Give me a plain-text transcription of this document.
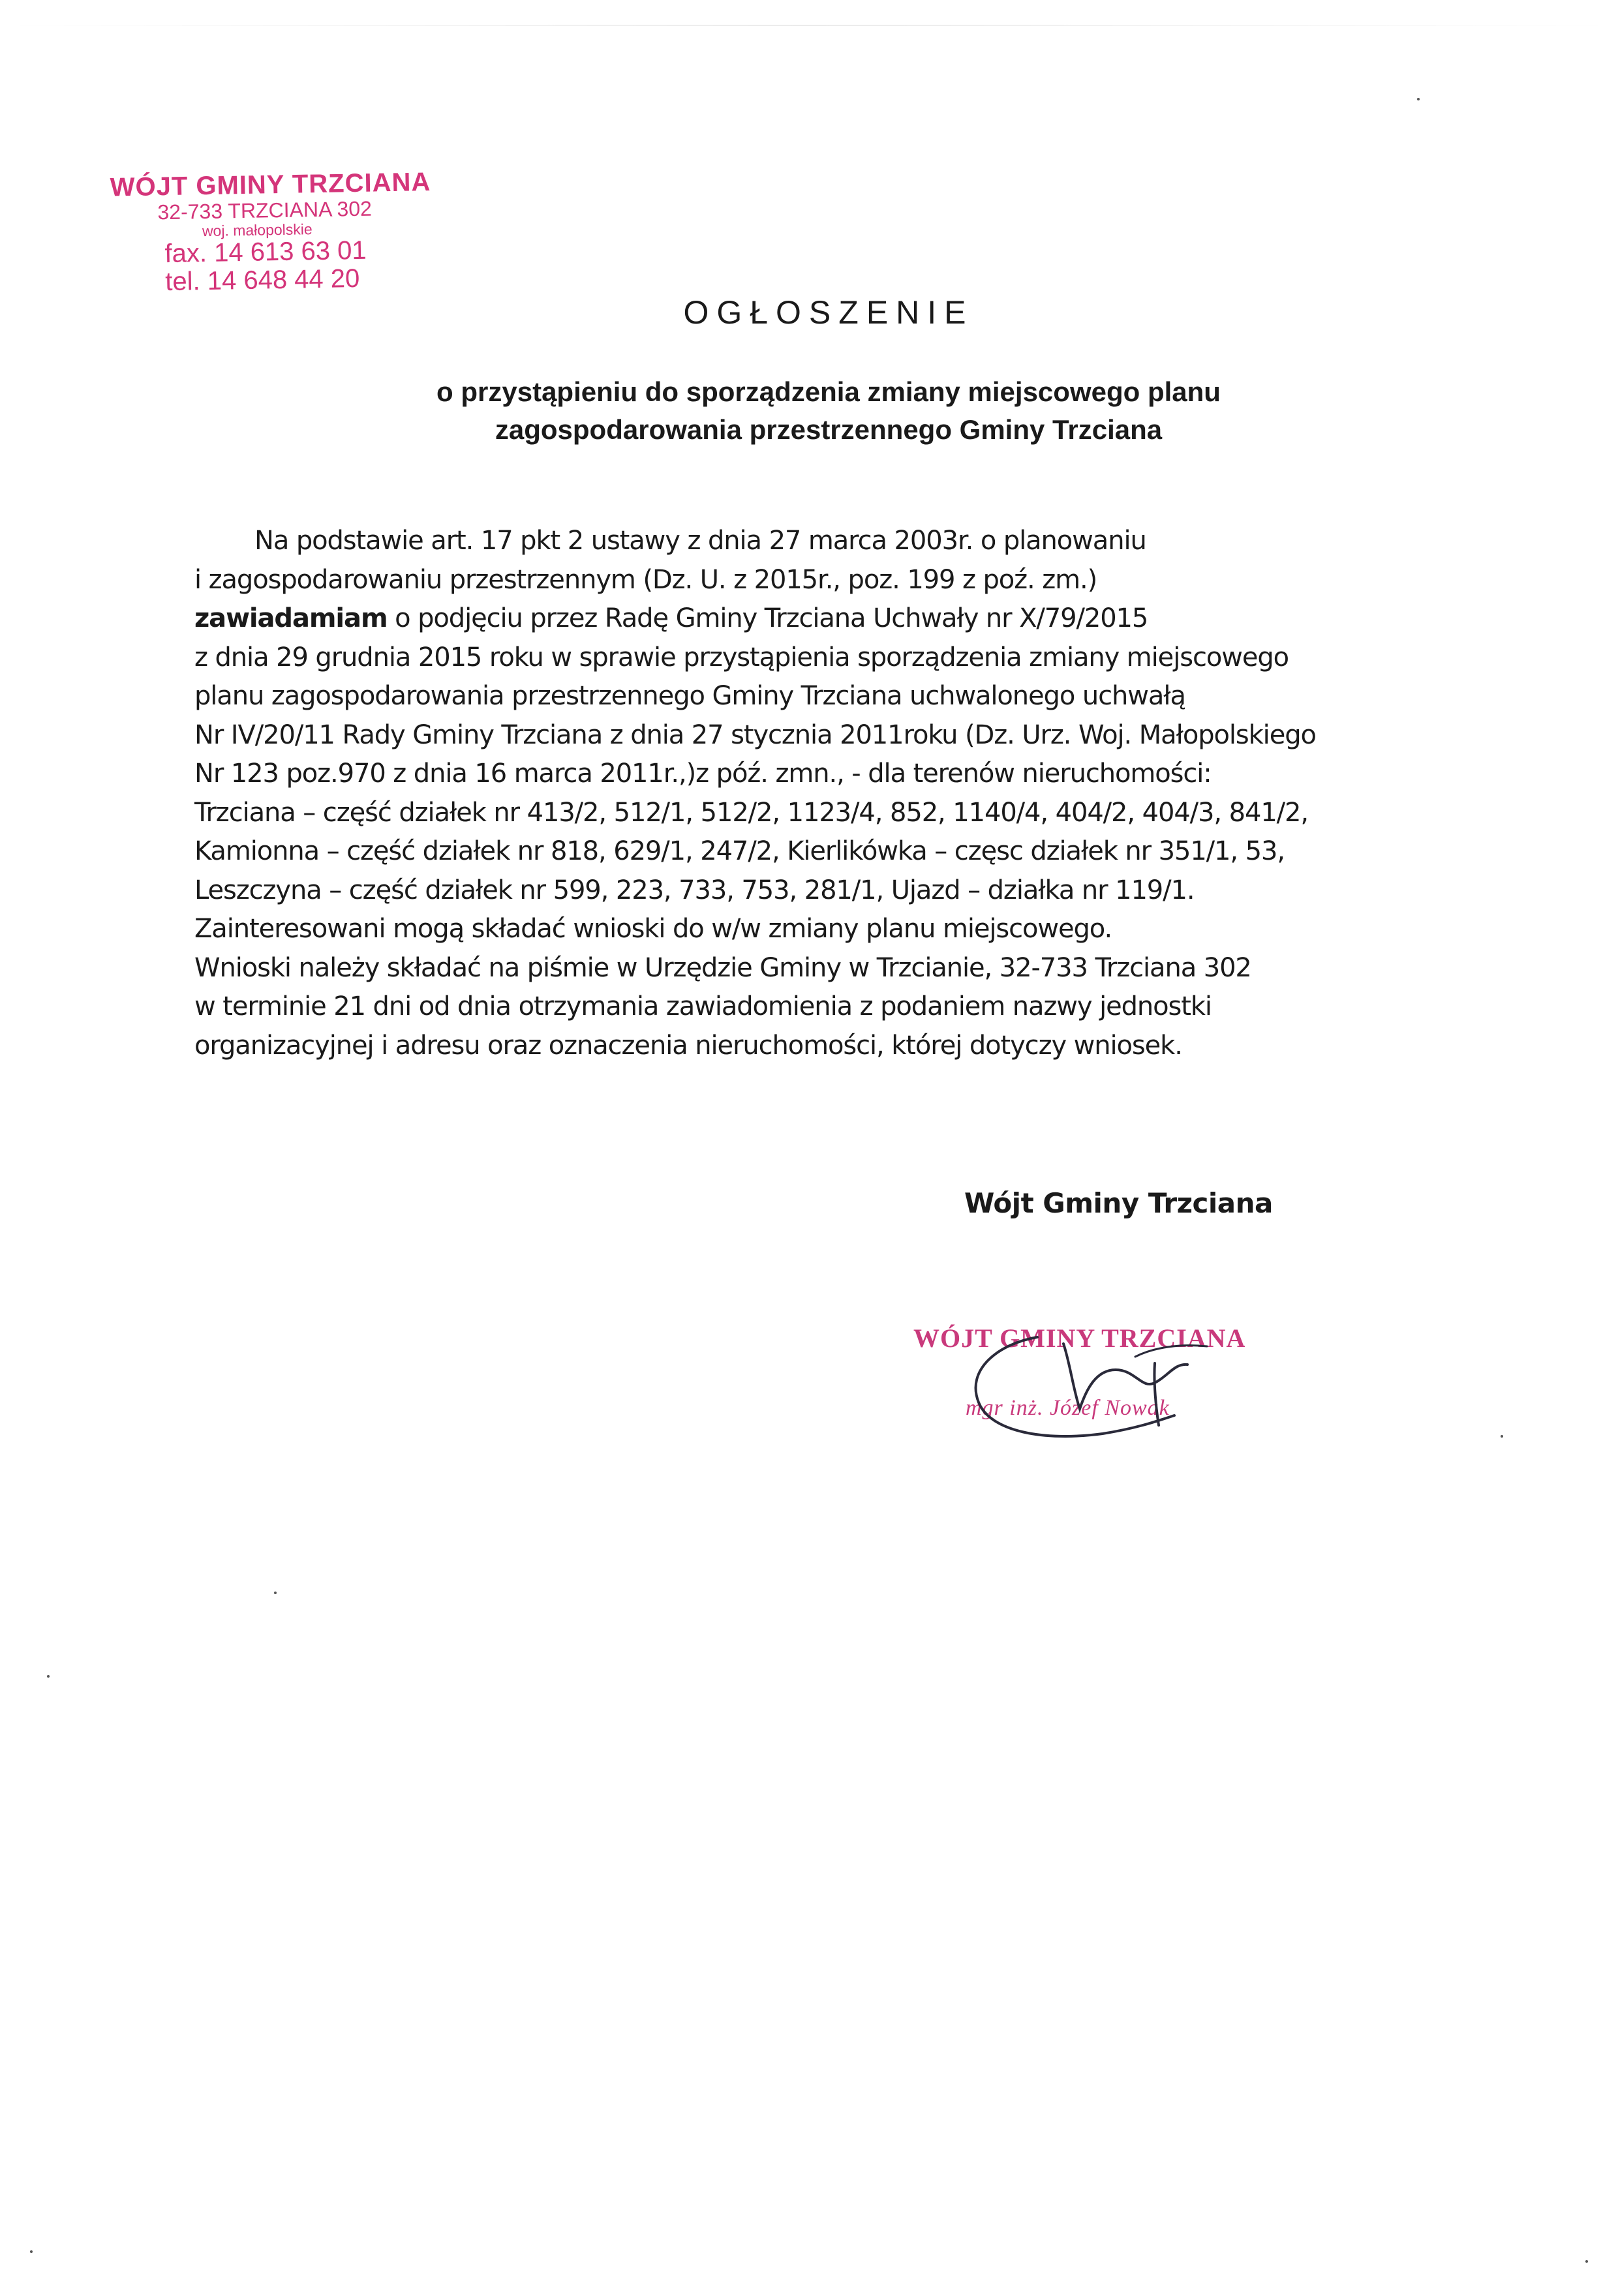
WÓJT GMINY TRZCIANA
32-733 TRZCIANA 302
woj. małopolskie
fax. 14 613 63 01
tel. 14 648 44 20
OGŁOSZENIE
o przystąpieniu do sporządzenia zmiany miejscowego planu
zagospodarowania przestrzennego Gminy Trzciana
Na podstawie art. 17 pkt 2 ustawy z dnia 27 marca 2003r. o planowaniu
i zagospodarowaniu przestrzennym (Dz. U. z 2015r., poz. 199 z poź. zm.)
zawiadamiam o podjęciu przez Radę Gminy Trzciana Uchwały nr X/79/2015
z dnia 29 grudnia 2015 roku w sprawie przystąpienia sporządzenia zmiany miejscowego
planu zagospodarowania przestrzennego Gminy Trzciana uchwalonego uchwałą
Nr IV/20/11 Rady Gminy Trzciana z dnia 27 stycznia 2011roku (Dz. Urz. Woj. Małopolskiego
Nr 123 poz.970 z dnia 16 marca 2011r.,)z póź. zmn., - dla terenów nieruchomości:
Trzciana – część działek nr 413/2, 512/1, 512/2, 1123/4, 852, 1140/4, 404/2, 404/3, 841/2,
Kamionna – część działek nr 818, 629/1, 247/2, Kierlikówka – częsc działek nr 351/1, 53,
Leszczyna – część działek nr 599, 223, 733, 753, 281/1, Ujazd – działka nr 119/1.
Zainteresowani mogą składać wnioski do w/w zmiany planu miejscowego.
Wnioski należy składać na piśmie w Urzędzie Gminy w Trzcianie, 32-733 Trzciana 302
w terminie 21 dni od dnia otrzymania zawiadomienia z podaniem nazwy jednostki
organizacyjnej i adresu oraz oznaczenia nieruchomości, której dotyczy wniosek.
Wójt Gminy Trzciana
WÓJT GMINY TRZCIANA
mgr inż. Józef Nowak
